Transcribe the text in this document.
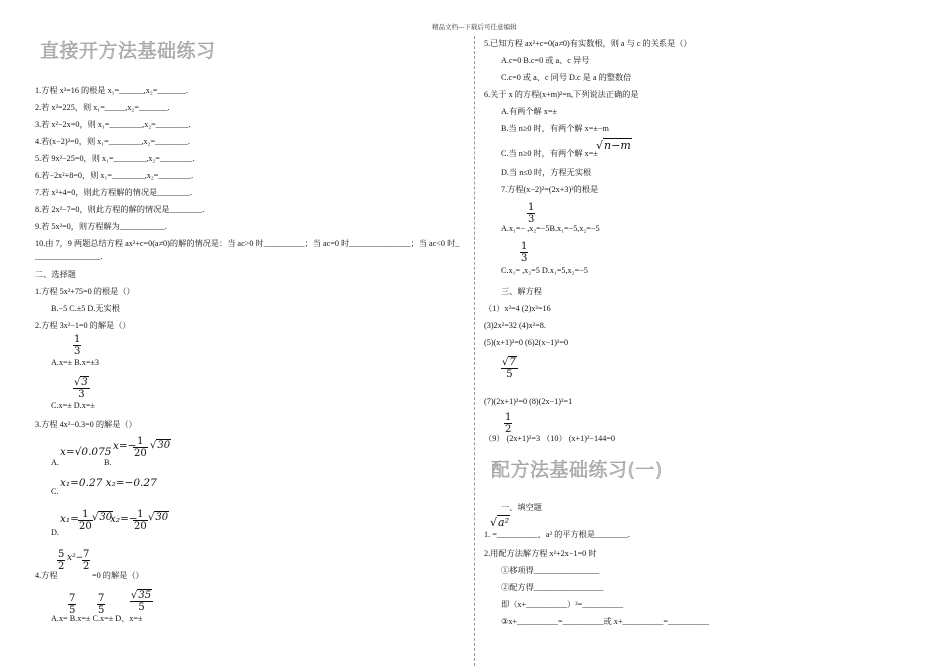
精品文档---下载后可任意编辑
直接开方法基础练习
1.方程 x²=16 的根是 x₁=______,x₂=_______.
2.若 x²=225，则 x₁=_____,x₂=_______.
3.若 x²−2x=0，则 x₁=________,x₂=________.
4.若(x−2)²=0，则 x₁=________,x₂=________.
5.若 9x²−25=0，则 x₁=________,x₂=________.
6.若−2x²+8=0，则 x₁=________,x₂=________.
7.若 x²+4=0，则此方程解的情况是________.
8.若 2x²−7=0，则此方程的解的情况是________.
9.若 5x²=0，则方程解为___________.
10.由 7，9 两题总结方程 ax²+c=0(a≠0)的解的情况是：当 ac>0 时__________；当 ac=0 时_______________；当 ac<0 时_
________________.
二、选择题
1.方程 5x²+75=0 的根是（）
B.−5 C.±5 D.无实根
2.方程 3x²−1=0 的解是（）
$\frac{1}{3}$
A.x=± B.x=±3
$\frac{√3}{3}$
C.x=± D.x=±
3.方程 4x²−0.3=0 的解是（）
x=√0.075 x=−
$\frac{1}{20} √30$
A.	B.
C.
x₁=0.27 x₂=−0.27
$x_1= \frac{1}{20} √30$
x₂=−
$\frac{1}{20} √30$
D.
$\frac{5}{2} x^2-$
$\frac{7}{2}$
4.方程	=0 的解是（）
$\frac{7}{5} \frac{7}{5} \frac{√35}{5}$
A.x= B.x=± C.x=± D、x=±
5.已知方程 ax²+c=0(a≠0)有实数根，则 a 与 c 的关系是（）
A.c=0 B.c=0 或 a、c 异号
C.c=0 或 a、c 同号 D.c 是 a 的整数倍
6.关于 x 的方程(x+m)²=n,下列说法正确的是
A.有两个解 x=±
B.当 n≥0 时，有两个解 x=±−m
C.当 n≥0 时，有两个解 x=±
√n−m
D.当 n≤0 时，方程无实根
7.方程(x−2)²=(2x+3)²的根是
$\frac{1}{3}$
A.x₁=− ,x₂=−5B.x₁=−5,x₂=−5
$\frac{1}{3}$
C.x₁= ,x₂=5 D.x₁=5,x₂=−5
三、解方程
（1）x²=4 (2)x²=16
(3)2x²=32 (4)x²=8.
(5)(x+1)²=0 (6)2(x−1)²=0
$\frac{√7}{5}$
(7)(2x+1)²=0 (8)(2x−1)²=1
$\frac{1}{2}$
（9） (2x+1)²=3 （10） (x+1)²−144=0
配方法基础练习(一)
一、填空题
√a²
1. =__________，a² 的平方根是________.
2.用配方法解方程 x²+2x−1=0 时
①移项得________________
②配方得_________________
即（x+__________）²=__________
③x+__________=__________或 x+__________=__________
